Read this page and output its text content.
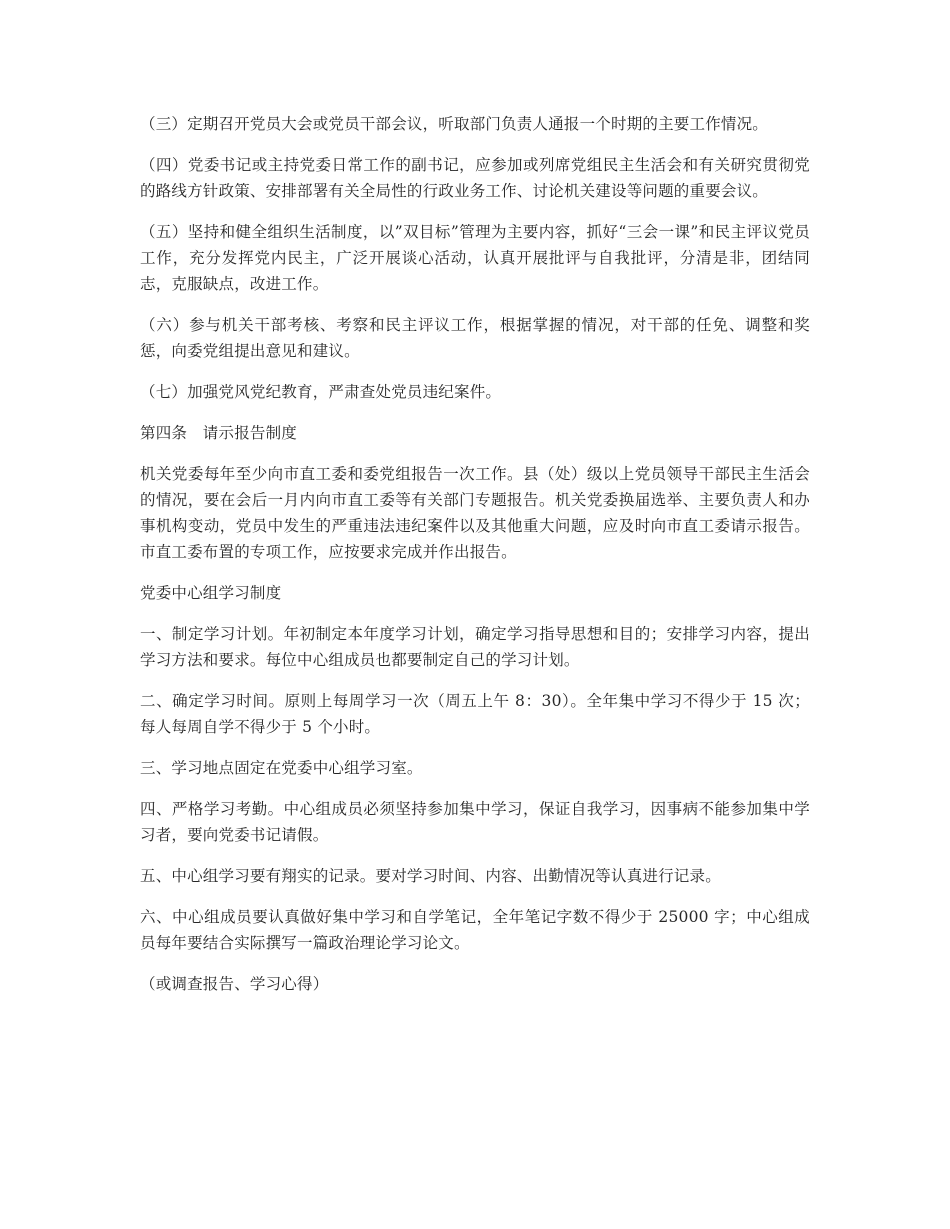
（三）定期召开党员大会或党员干部会议，听取部门负责人通报一个时期的主要工作情况。

（四）党委书记或主持党委日常工作的副书记，应参加或列席党组民主生活会和有关研究贯彻党的路线方针政策、安排部署有关全局性的行政业务工作、讨论机关建设等问题的重要会议。

（五）坚持和健全组织生活制度，以”双目标”管理为主要内容，抓好“三会一课”和民主评议党员工作，充分发挥党内民主，广泛开展谈心活动，认真开展批评与自我批评，分清是非，团结同志，克服缺点，改进工作。

（六）参与机关干部考核、考察和民主评议工作，根据掌握的情况，对干部的任免、调整和奖惩，向委党组提出意见和建议。

（七）加强党风党纪教育，严肃查处党员违纪案件。

第四条　请示报告制度

机关党委每年至少向市直工委和委党组报告一次工作。县（处）级以上党员领导干部民主生活会的情况，要在会后一月内向市直工委等有关部门专题报告。机关党委换届选举、主要负责人和办事机构变动，党员中发生的严重违法违纪案件以及其他重大问题，应及时向市直工委请示报告。市直工委布置的专项工作，应按要求完成并作出报告。

党委中心组学习制度

一、制定学习计划。年初制定本年度学习计划，确定学习指导思想和目的；安排学习内容，提出学习方法和要求。每位中心组成员也都要制定自己的学习计划。

二、确定学习时间。原则上每周学习一次（周五上午 8：30）。全年集中学习不得少于 15 次；每人每周自学不得少于 5 个小时。

三、学习地点固定在党委中心组学习室。

四、严格学习考勤。中心组成员必须坚持参加集中学习，保证自我学习，因事病不能参加集中学习者，要向党委书记请假。

五、中心组学习要有翔实的记录。要对学习时间、内容、出勤情况等认真进行记录。

六、中心组成员要认真做好集中学习和自学笔记，全年笔记字数不得少于 25000 字；中心组成员每年要结合实际撰写一篇政治理论学习论文。

（或调查报告、学习心得）
